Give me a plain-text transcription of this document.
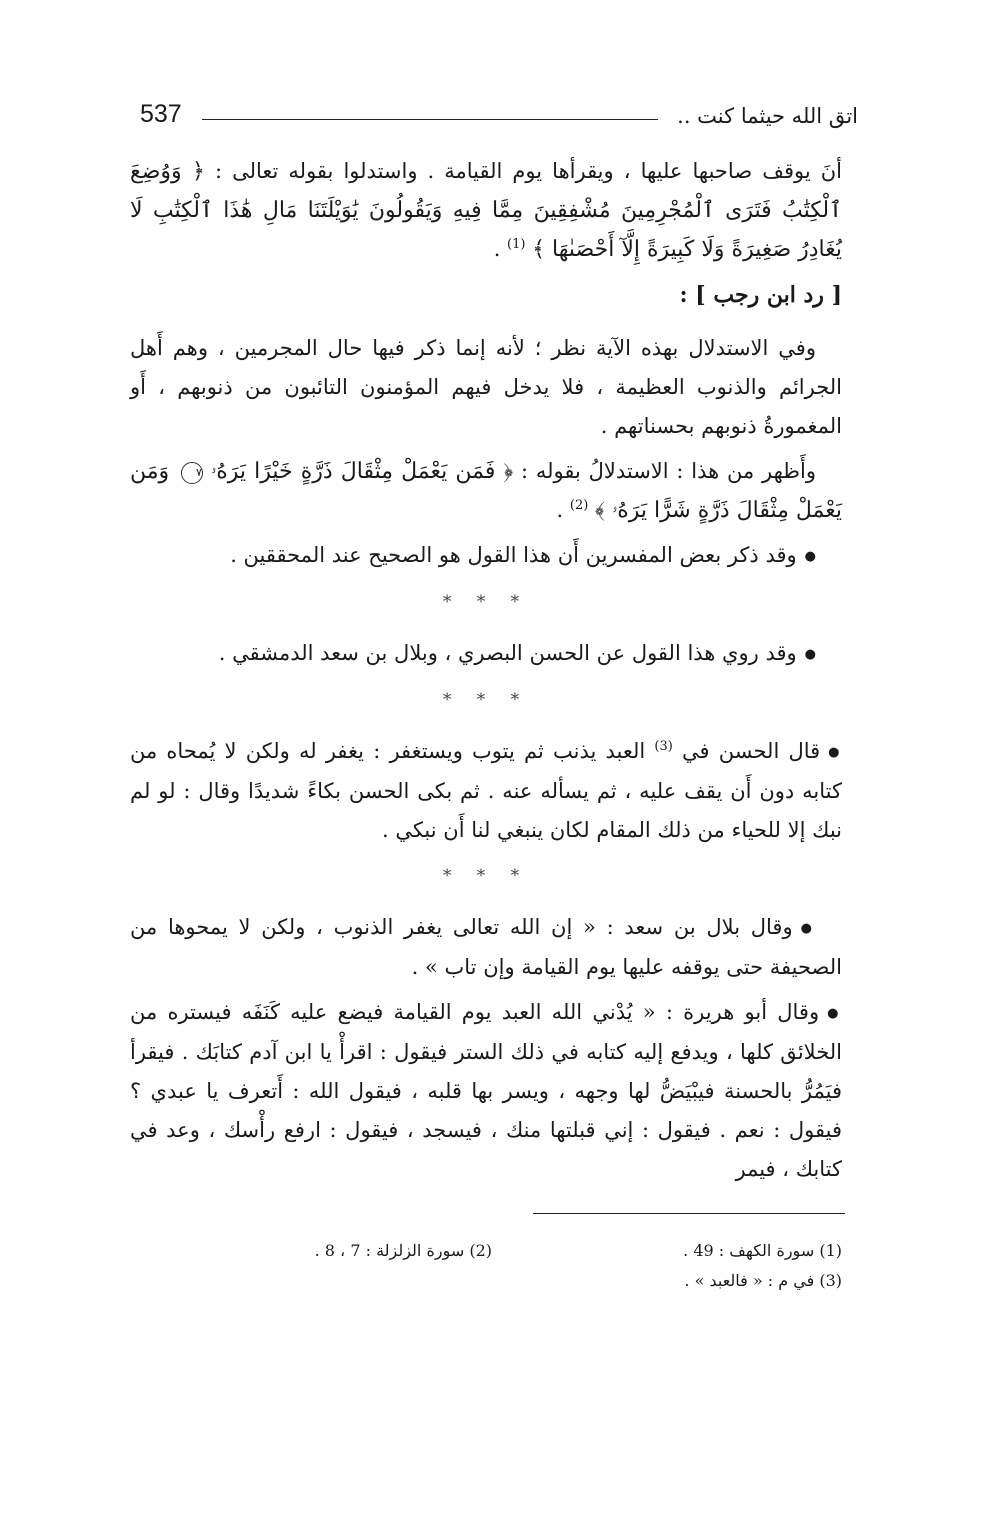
اتق الله حيثما كنت ..
537

أنَ يوقف صاحبها عليها ، ويقرأها يوم القيامة . واستدلوا بقوله تعالى : ﴿ وَوُضِعَ ٱلْكِتَٰبُ فَتَرَى ٱلْمُجْرِمِينَ مُشْفِقِينَ مِمَّا فِيهِ وَيَقُولُونَ يَٰوَيْلَتَنَا مَالِ هَٰذَا ٱلْكِتَٰبِ لَا يُغَادِرُ صَغِيرَةً وَلَا كَبِيرَةً إِلَّآ أَحْصَىٰهَا ﴾ $^{(1)}$ .

[ رد ابن رجب ] :

وفي الاستدلال بهذه الآية نظر ؛ لأنه إنما ذكر فيها حال المجرمين ، وهم أَهل الجرائم والذنوب العظيمة ، فلا يدخل فيهم المؤمنون التائبون من ذنوبهم ، أَو المغمورةُ ذنوبهم بحسناتهم .

وأَظهر من هذا : الاستدلالُ بقوله : ﴿ فَمَن يَعْمَلْ مِثْقَالَ ذَرَّةٍ خَيْرًا يَرَهُۥ ٧ وَمَن يَعْمَلْ مِثْقَالَ ذَرَّةٍ شَرًّا يَرَهُۥ ﴾ $^{(2)}$ .

● وقد ذكر بعض المفسرين أَن هذا القول هو الصحيح عند المحققين .

* * *

● وقد روي هذا القول عن الحسن البصري ، وبلال بن سعد الدمشقي .

* * *

● قال الحسن في $^{(3)}$ العبد يذنب ثم يتوب ويستغفر : يغفر له ولكن لا يُمحاه من كتابه دون أَن يقف عليه ، ثم يسأله عنه . ثم بكى الحسن بكاءً شديدًا وقال : لو لم نبك إلا للحياء من ذلك المقام لكان ينبغي لنا أَن نبكي .

* * *

● وقال بلال بن سعد : « إن الله تعالى يغفر الذنوب ، ولكن لا يمحوها من الصحيفة حتى يوقفه عليها يوم القيامة وإن تاب » .

● وقال أبو هريرة : « يُدْني الله العبد يوم القيامة فيضع عليه كَنَفَه فيستره من الخلائق كلها ، ويدفع إليه كتابه في ذلك الستر فيقول : اقرأْ يا ابن آدم كتابَك . فيقرأ فيَمُرُّ بالحسنة فيبْيَضُّ لها وجهه ، ويسر بها قلبه ، فيقول الله : أَتعرف يا عبدي ؟ فيقول : نعم . فيقول : إني قبلتها منك ، فيسجد ، فيقول : ارفع رأْسك ، وعد في كتابك ، فيمر

(1) سورة الكهف : 49 .
(2) سورة الزلزلة : 7 ، 8 .
(3) في م : « فالعبد » .
